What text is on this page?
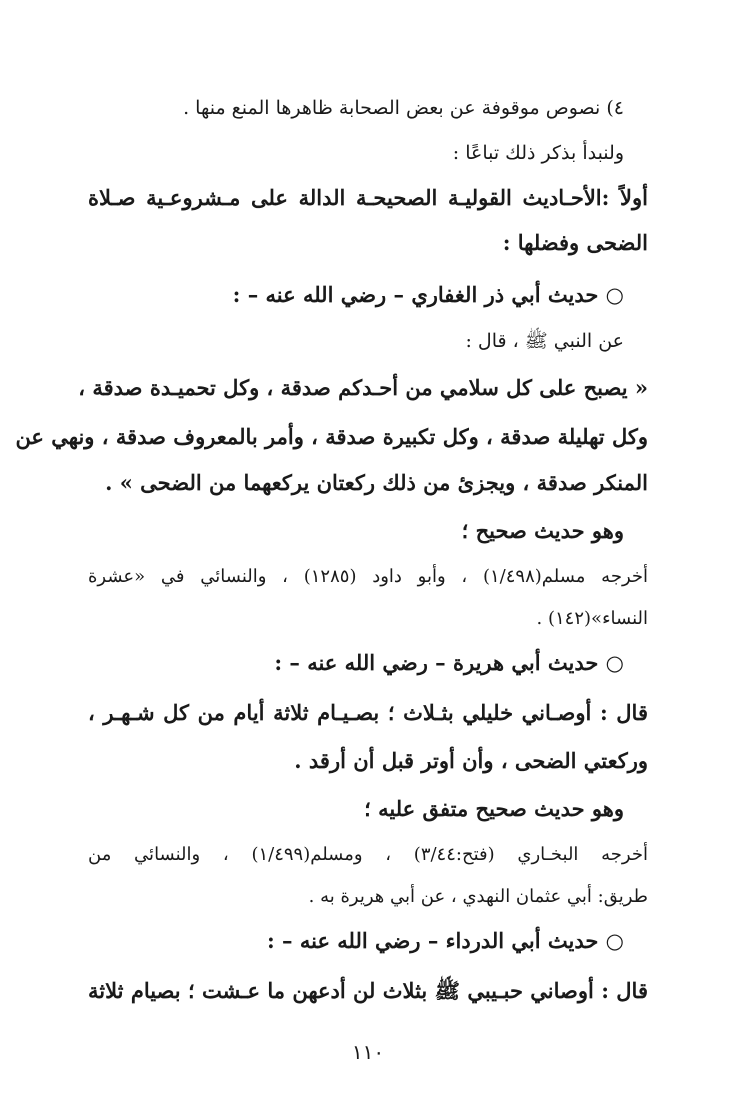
٤) نصوص موقوفة عن بعض الصحابة ظاهرها المنع منها .
ولنبدأ بذكر ذلك تباعًا :
أولاً :الأحـاديث القوليـة الصحيحـة الدالة على مـشروعـية صـلاة
الضحى وفضلها :
○ حديث أبي ذر الغفاري – رضي الله عنه – :
عن النبي ﷺ ، قال :
« يصبح على كل سلامي من أحـدكم صدقة ، وكل تحميـدة صدقة ،
وكل تهليلة صدقة ، وكل تكبيرة صدقة ، وأمر بالمعروف صدقة ، ونهي عن
المنكر صدقة ، ويجزئ من ذلك ركعتان يركعهما من الضحى » .
وهو حديث صحيح ؛
أخرجه مسلم(١/٤٩٨) ، وأبو داود (١٢٨٥) ، والنسائي في «عشرة
النساء»(١٤٢) .
○ حديث أبي هريرة – رضي الله عنه – :
قال : أوصـاني خليلي بثـلاث ؛ بصـيـام ثلاثة أيام من كل شـهـر ،
وركعتي الضحى ، وأن أوتر قبل أن أرقد .
وهو حديث صحيح متفق عليه ؛
أخرجه البخـاري (فتح:٣/٤٤) ، ومسلم(١/٤٩٩) ، والنسائي من
طريق: أبي عثمان النهدي ، عن أبي هريرة به .
○ حديث أبي الدرداء – رضي الله عنه – :
قال : أوصاني حبـيبي ﷺ بثلاث لن أدعهن ما عـشت ؛ بصيام ثلاثة
١١٠
